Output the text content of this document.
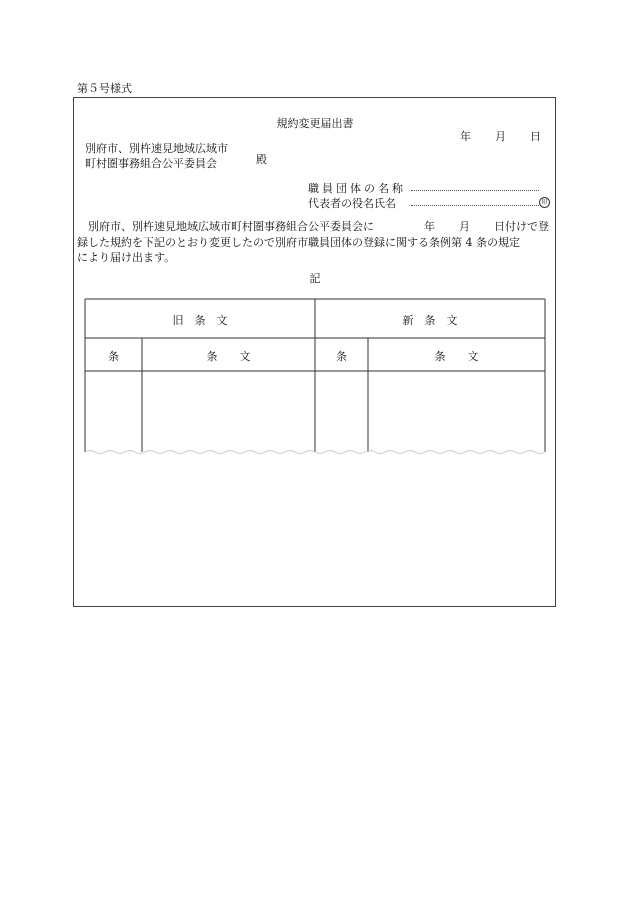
第５号様式
規約変更届出書
年 月 日
別府市、別杵速見地域広域市
町村圏事務組合公平委員会	殿
職員団体の名称
代表者の役名氏名	印
別府市、別杵速見地域広域市町村圏事務組合公平委員会に	年 月 日付けで登
録した規約を下記のとおり変更したので別府市職員団体の登録に関する条例第 4 条の規定
により届け出ます。
記
旧　条　文	新　条　文
条	条　　文	条	条　　文
